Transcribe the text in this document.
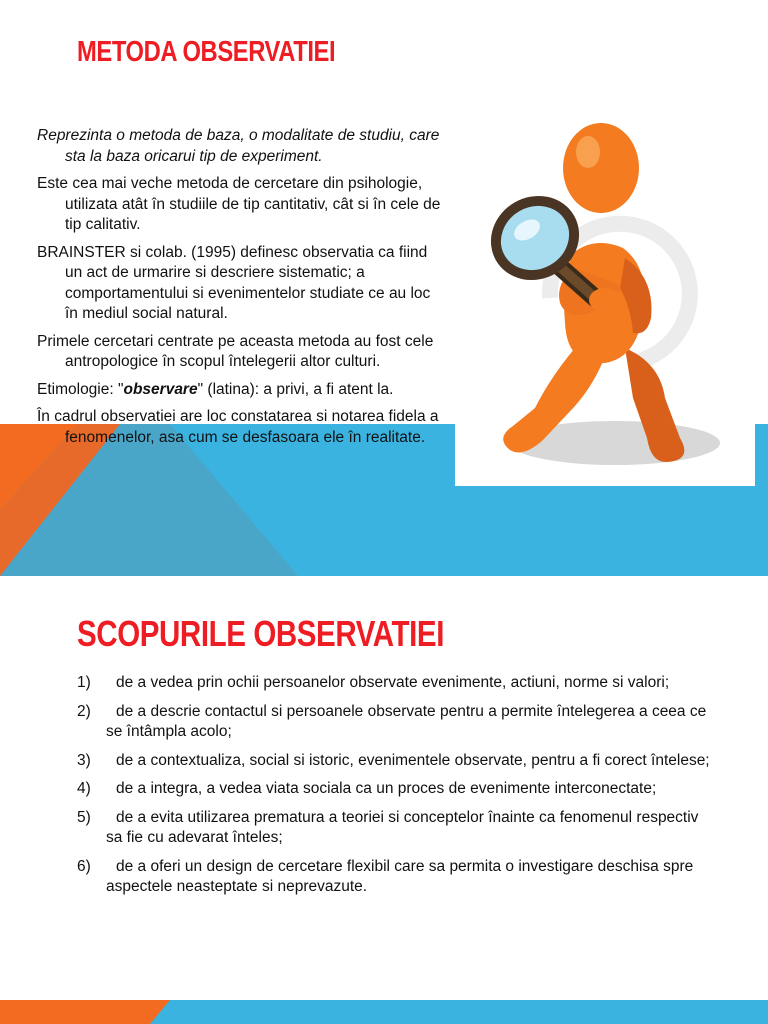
METODA OBSERVATIEI

Reprezinta o metoda de baza, o modalitate de studiu, care sta la baza oricarui tip de experiment.

Este cea mai veche metoda de cercetare din psihologie, utilizata atât în studiile de tip cantitativ, cât si în cele de tip calitativ.

BRAINSTER si colab. (1995) definesc observatia ca fiind un act de urmarire si descriere sistematic; a comportamentului si evenimentelor studiate ce au loc în mediul social natural.

Primele cercetari centrate pe aceasta metoda au fost cele antropologice în scopul întelegerii altor culturi.

Etimologie: "observare" (latina): a privi, a fi atent la.

În cadrul observatiei are loc constatarea si notarea fidela a fenomenelor, asa cum se desfasoara ele în realitate.

SCOPURILE OBSERVATIEI
1)	de a vedea prin ochii persoanelor observate evenimente, actiuni, norme si valori;
2)	de a descrie contactul si persoanele observate pentru a permite întelegerea a ceea ce se întâmpla acolo;
3)	de a contextualiza, social si istoric, evenimentele observate, pentru a fi corect întelese;
4)	de a integra, a vedea viata sociala ca un proces de evenimente interconectate;
5)	de a evita utilizarea prematura a teoriei si conceptelor înainte ca fenomenul respectiv sa fie cu adevarat înteles;
6)	de a oferi un design de cercetare flexibil care sa permita o investigare deschisa spre aspectele neasteptate si neprevazute.
